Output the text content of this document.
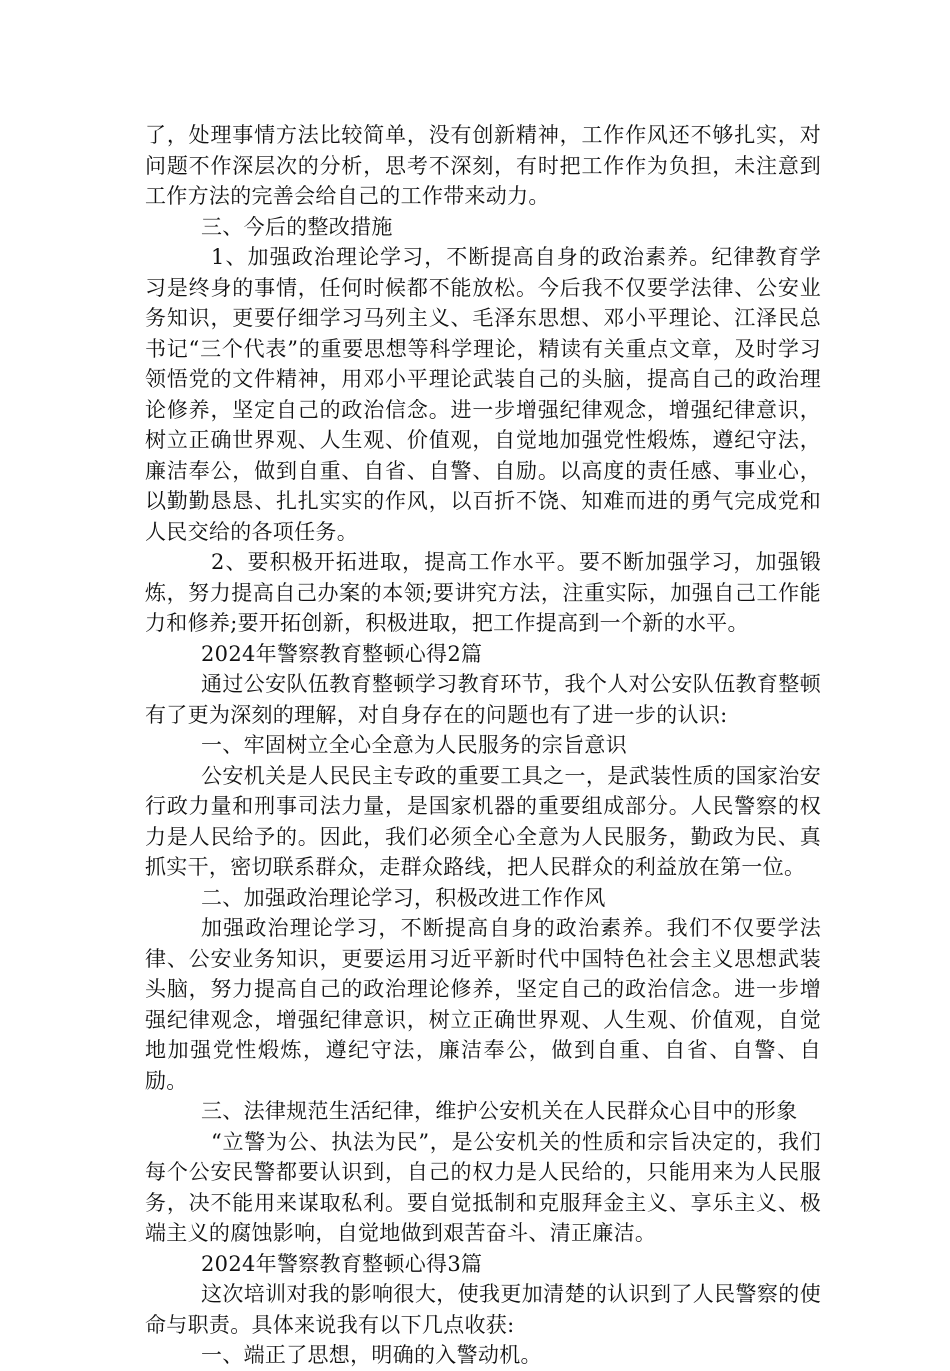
了，处理事情方法比较简单，没有创新精神，工作作风还不够扎实，对问题不作深层次的分析，思考不深刻，有时把工作作为负担，未注意到工作方法的完善会给自己的工作带来动力。

三、今后的整改措施

1、加强政治理论学习，不断提高自身的政治素养。纪律教育学习是终身的事情，任何时候都不能放松。今后我不仅要学法律、公安业务知识，更要仔细学习马列主义、毛泽东思想、邓小平理论、江泽民总书记“三个代表”的重要思想等科学理论，精读有关重点文章，及时学习领悟党的文件精神，用邓小平理论武装自己的头脑，提高自己的政治理论修养，坚定自己的政治信念。进一步增强纪律观念，增强纪律意识，树立正确世界观、人生观、价值观，自觉地加强党性煅炼，遵纪守法，廉洁奉公，做到自重、自省、自警、自励。以高度的责任感、事业心，以勤勤恳恳、扎扎实实的作风，以百折不饶、知难而进的勇气完成党和人民交给的各项任务。

2、要积极开拓进取，提高工作水平。要不断加强学习，加强锻炼，努力提高自己办案的本领;要讲究方法，注重实际，加强自己工作能力和修养;要开拓创新，积极进取，把工作提高到一个新的水平。

2024年警察教育整顿心得2篇

通过公安队伍教育整顿学习教育环节，我个人对公安队伍教育整顿有了更为深刻的理解，对自身存在的问题也有了进一步的认识:

一、牢固树立全心全意为人民服务的宗旨意识

公安机关是人民民主专政的重要工具之一，是武装性质的国家治安行政力量和刑事司法力量，是国家机器的重要组成部分。人民警察的权力是人民给予的。因此，我们必须全心全意为人民服务，勤政为民、真抓实干，密切联系群众，走群众路线，把人民群众的利益放在第一位。

二、加强政治理论学习，积极改进工作作风

加强政治理论学习，不断提高自身的政治素养。我们不仅要学法律、公安业务知识，更要运用习近平新时代中国特色社会主义思想武装头脑，努力提高自己的政治理论修养，坚定自己的政治信念。进一步增强纪律观念，增强纪律意识，树立正确世界观、人生观、价值观，自觉地加强党性煅炼，遵纪守法，廉洁奉公，做到自重、自省、自警、自励。

三、法律规范生活纪律，维护公安机关在人民群众心目中的形象

“立警为公、执法为民”，是公安机关的性质和宗旨决定的，我们每个公安民警都要认识到，自己的权力是人民给的，只能用来为人民服务，决不能用来谋取私利。要自觉抵制和克服拜金主义、享乐主义、极端主义的腐蚀影响，自觉地做到艰苦奋斗、清正廉洁。

2024年警察教育整顿心得3篇

这次培训对我的影响很大，使我更加清楚的认识到了人民警察的使命与职责。具体来说我有以下几点收获:

一、端正了思想，明确的入警动机。
